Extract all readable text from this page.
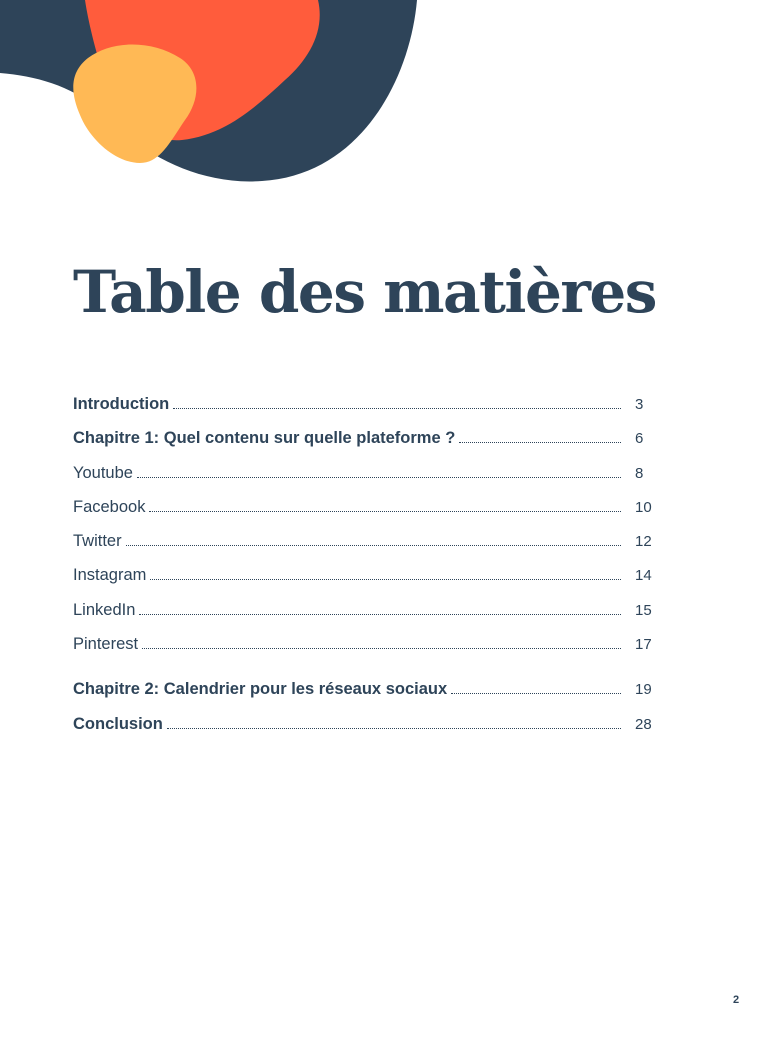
Table des matières
Introduction	3
Chapitre 1: Quel contenu sur quelle plateforme ?	6
Youtube	8
Facebook	10
Twitter	12
Instagram	14
LinkedIn	15
Pinterest	17
Chapitre 2: Calendrier pour les réseaux sociaux	19
Conclusion	28
2
